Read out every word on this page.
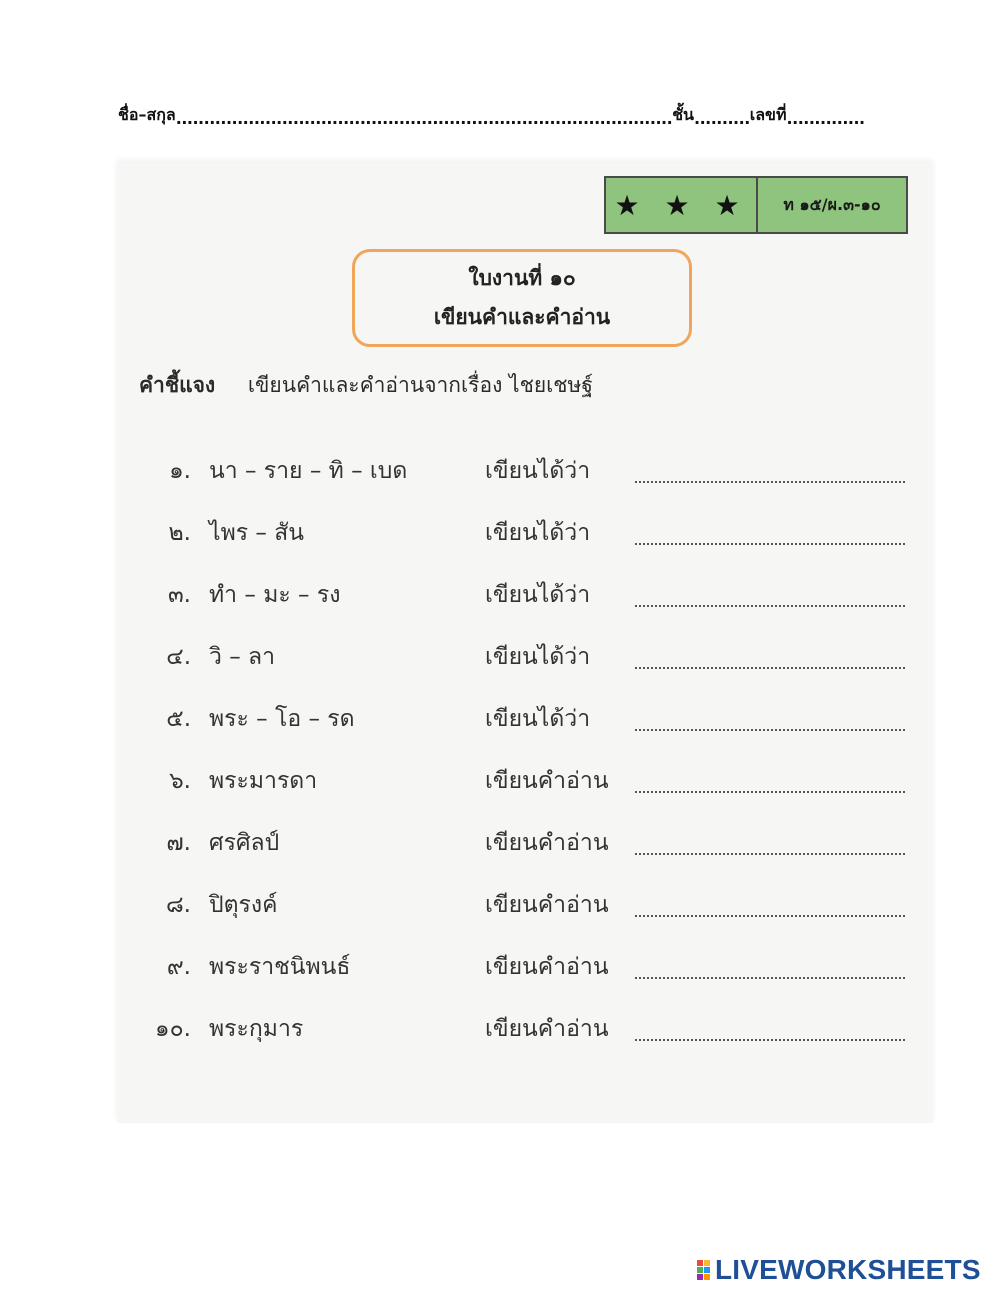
ชื่อ–สกุล ......................................................................................... ชั้น .......... เลขที่ ..............
★ ★ ★	ท ๑๕/ผ.๓-๑๐
ใบงานที่ ๑๐
เขียนคำและคำอ่าน
คำชี้แจง เขียนคำและคำอ่านจากเรื่อง ไชยเชษฐ์
๑. นา – ราย – ทิ – เบด	เขียนได้ว่า
๒. ไพร – สัน	เขียนได้ว่า
๓. ทำ – มะ – รง	เขียนได้ว่า
๔. วิ – ลา	เขียนได้ว่า
๕. พระ – โอ – รด	เขียนได้ว่า
๖. พระมารดา	เขียนคำอ่าน
๗. ศรศิลป์	เขียนคำอ่าน
๘. ปิตุรงค์	เขียนคำอ่าน
๙. พระราชนิพนธ์	เขียนคำอ่าน
๑๐. พระกุมาร	เขียนคำอ่าน
LIVEWORKSHEETS
